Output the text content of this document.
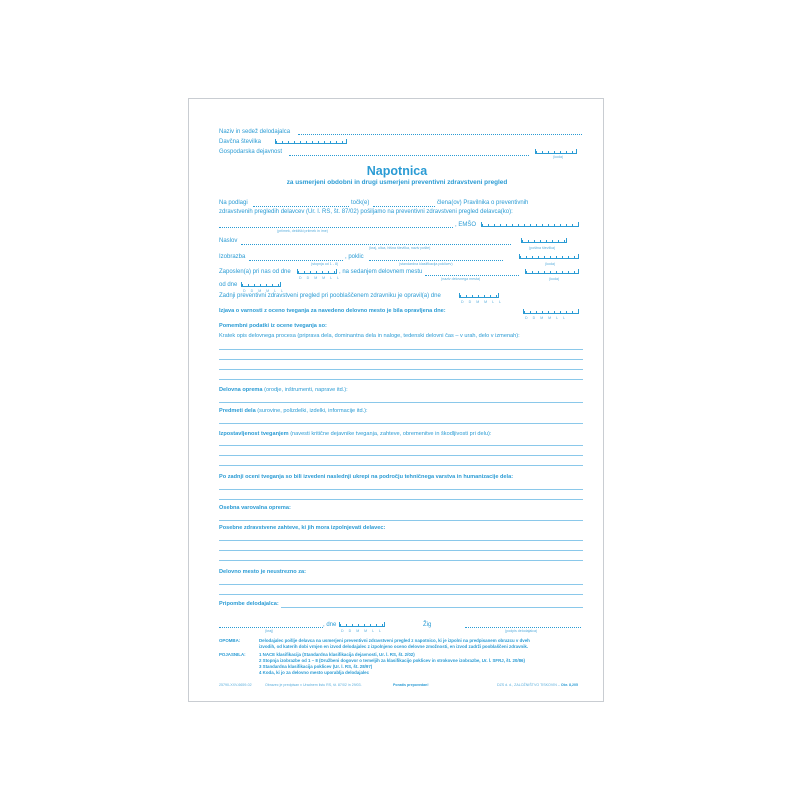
Naziv in sedež delodajalca
Davčna številka
Gospodarska dejavnost
(koda)
Napotnica
za usmerjeni obdobni in drugi usmerjeni preventivni zdravstveni pregled
Na podlagi	točk(e)	člena(ov) Pravilnika o preventivnih
zdravstvenih pregledih delavcev (Ur. l. RS, št. 87/02) pošiljamo na preventivni zdravstveni pregled delavca(ko):
(priimek, dekliški priimek in ime)
, EMŠO
Naslov
(kraj, ulica, hišna številka, naziv pošte)	(poštna številka)
Izobrazba
(stopnja od 1 - 8)
, poklic
(standardna klasifikacija poklicev)	(koda)
Zaposlen(a) pri nas od dne
D D M M L L
, na sedanjem delovnem mestu
(naziv delovnega mesta)	(koda)
od dne
D D M M L L
Zadnji preventivni zdravstveni pregled pri pooblaščenem zdravniku je opravil(a) dne
D D M M L L
Izjava o varnosti z oceno tveganja za navedeno delovno mesto je bila opravljena dne:
D D M M L L
Pomembni podatki iz ocene tveganja so:
Kratek opis delovnega procesa (priprava dela, dominantna dela in naloge, tedenski delovni čas – v urah, delo v izmenah):
Delovna oprema (orodje, inštrumenti, naprave itd.):
Predmeti dela (surovine, polizdelki, izdelki, informacije itd.):
Izpostavljenost tveganjem (navesti kritične dejavnike tveganja, zahteve, obremenitve in škodljivosti pri delu):
Po zadnji oceni tveganja so bili izvedeni naslednji ukrepi na področju tehničnega varstva in humanizacije dela:
Osebna varovalna oprema:
Posebne zdravstvene zahteve, ki jih mora izpolnjevati delavec:
Delovno mesto je neustrezno za:
Pripombe delodajalca:
(kraj)
, dne
D D M M L L
Žig
(podpis delodajalca)
OPOMBA:	Delodajalec pošlje delavca na usmerjeni preventivni zdravstveni pregled z napotnico, ki je izpolni na predpisanem obrazcu v dveh
izvodih, od katerih dobi vrnjen en izvod delodajalec z izpolnjeno oceno delovne zmožnosti, en izvod zadrži pooblaščeni zdravnik.
POJASNILA:	1 NACE klasifikacija (Standardna klasifikacija dejavnosti, Ur. l. RS, št. 2/02)
2 Stopnja izobrazbe od 1 – 8 (Družbeni dogovor o temeljih za klasifikacijo poklicev in strokovne izobrazbe, Ur. l. SFRJ, št. 20/86)
3 Standardna klasifikacija poklicev (Ur. l. RS, št. 28/97)
4 Koda, ki jo za delovno mesto uporablja delodajalec
25790-XXV-6659-02	Obrazec je predpisan v Uradnem listu RS, št. 87/02 in 29/03.	Ponatis prepovedan!	DZS d. d., ZALOŽNIŠTVO TISKOVIN – Obr. 8,205
